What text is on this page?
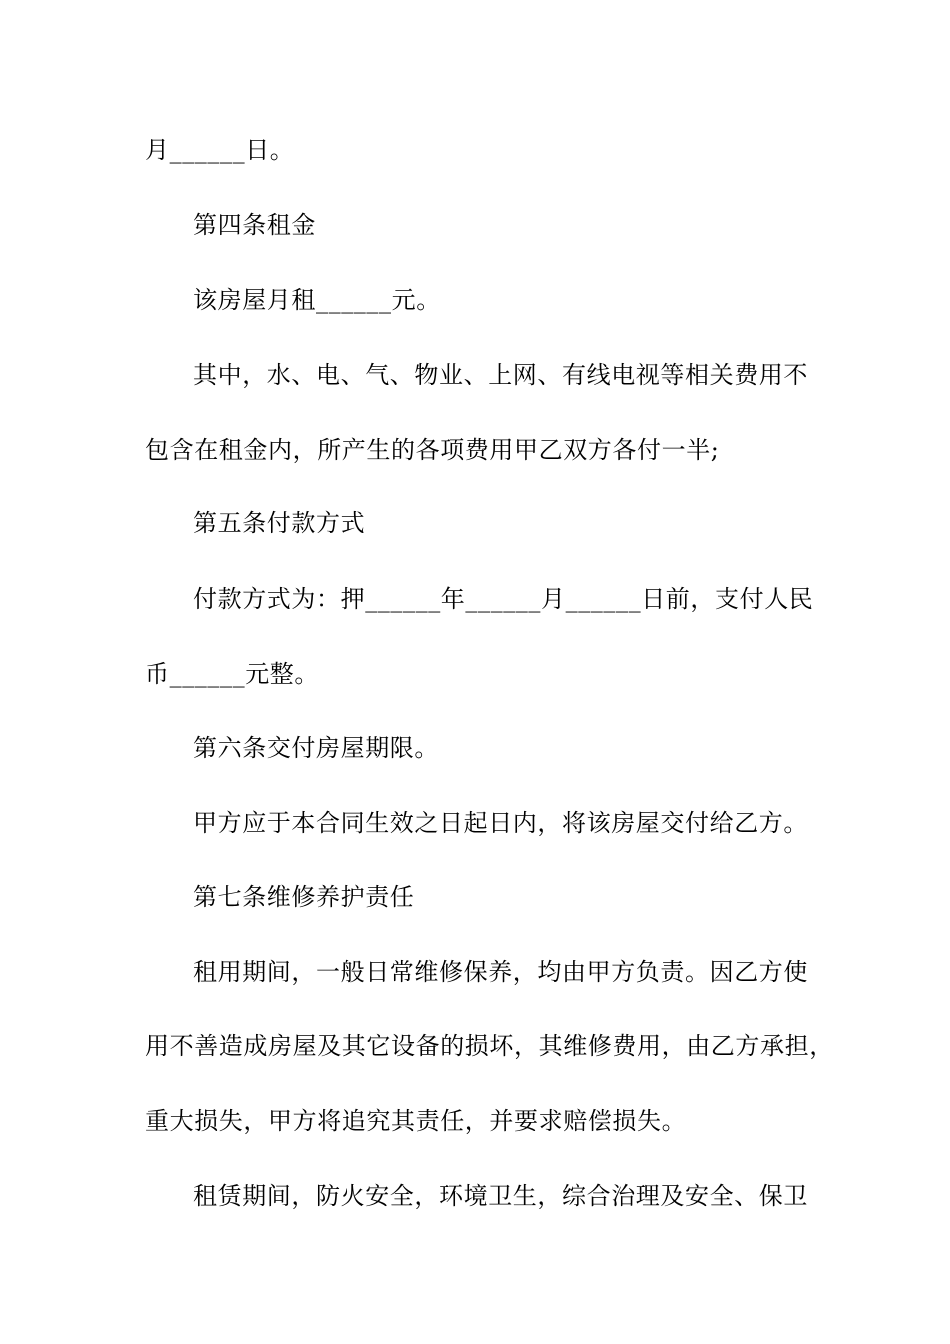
月______日。
第四条租金
该房屋月租______元。
其中，水、电、气、物业、上网、有线电视等相关费用不
包含在租金内，所产生的各项费用甲乙双方各付一半;
第五条付款方式
付款方式为：押______年______月______日前，支付人民
币______元整。
第六条交付房屋期限。
甲方应于本合同生效之日起日内，将该房屋交付给乙方。
第七条维修养护责任
租用期间，一般日常维修保养，均由甲方负责。因乙方使
用不善造成房屋及其它设备的损坏，其维修费用，由乙方承担，
重大损失，甲方将追究其责任，并要求赔偿损失。
租赁期间，防火安全，环境卫生，综合治理及安全、保卫
